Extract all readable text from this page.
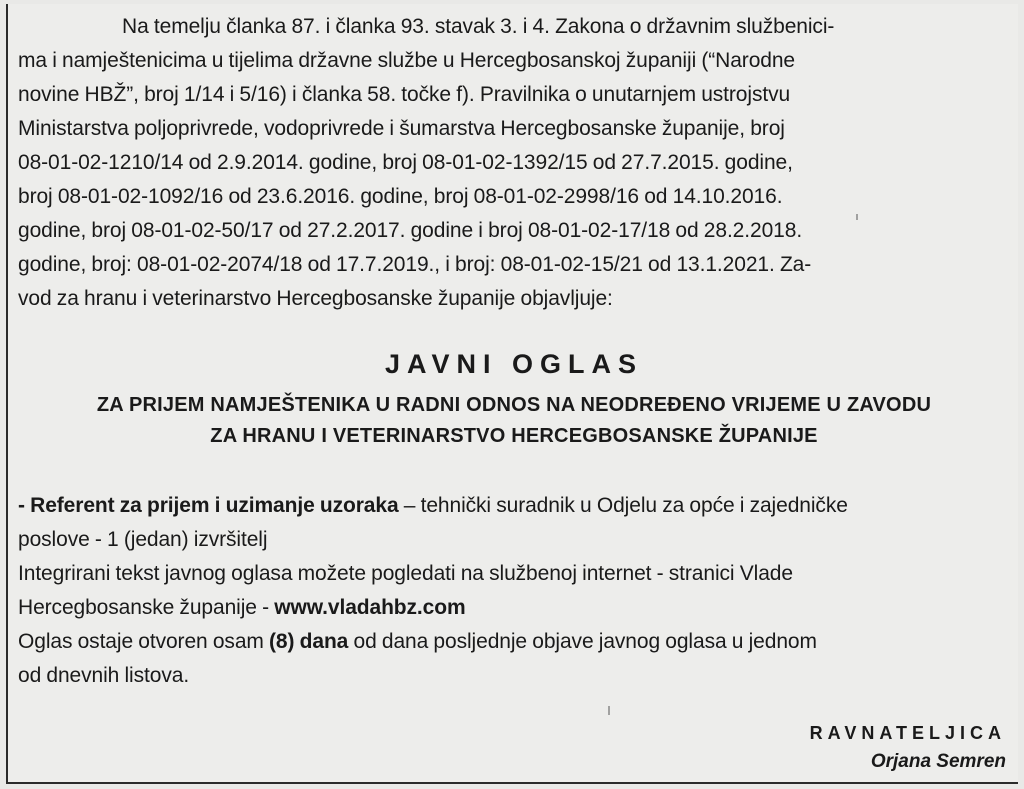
Na temelju članka 87. i članka 93. stavak 3. i 4. Zakona o državnim službenici-
ma i namještenicima u tijelima državne službe u Hercegbosanskoj županiji (“Narodne
novine HBŽ”, broj 1/14 i 5/16) i članka 58. točke f). Pravilnika o unutarnjem ustrojstvu
Ministarstva poljoprivrede, vodoprivrede i šumarstva Hercegbosanske županije, broj
08-01-02-1210/14 od 2.9.2014. godine, broj 08-01-02-1392/15 od 27.7.2015. godine,
broj 08-01-02-1092/16 od 23.6.2016. godine, broj 08-01-02-2998/16 od 14.10.2016.
godine, broj 08-01-02-50/17 od 27.2.2017. godine i broj 08-01-02-17/18 od 28.2.2018.
godine, broj: 08-01-02-2074/18 od 17.7.2019., i broj: 08-01-02-15/21 od 13.1.2021. Za-
vod za hranu i veterinarstvo Hercegbosanske županije objavljuje:
JAVNI OGLAS
ZA PRIJEM NAMJEŠTENIKA U RADNI ODNOS NA NEODREĐENO VRIJEME U ZAVODU
ZA HRANU I VETERINARSTVO HERCEGBOSANSKE ŽUPANIJE
- Referent za prijem i uzimanje uzoraka – tehnički suradnik u Odjelu za opće i zajedničke
poslove - 1 (jedan) izvršitelj
Integrirani tekst javnog oglasa možete pogledati na službenoj internet - stranici Vlade
Hercegbosanske županije - www.vladahbz.com
Oglas ostaje otvoren osam (8) dana od dana posljednje objave javnog oglasa u jednom
od dnevnih listova.
RAVNATELJICA
Orjana Semren
